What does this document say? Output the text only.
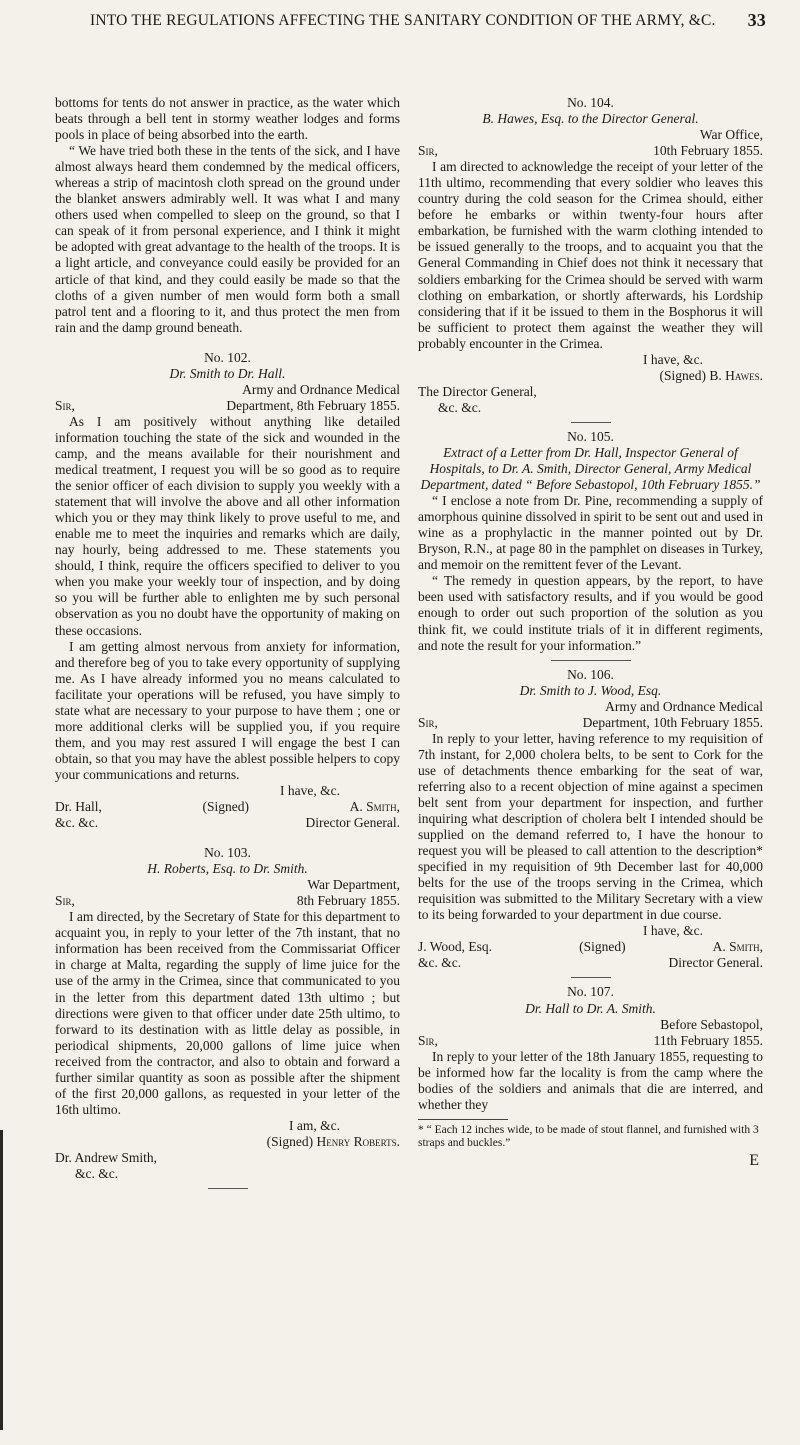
INTO THE REGULATIONS AFFECTING THE SANITARY CONDITION OF THE ARMY, &C. 33

bottoms for tents do not answer in practice, as the water which beats through a bell tent in stormy weather lodges and forms pools in place of being absorbed into the earth.

“ We have tried both these in the tents of the sick, and I have almost always heard them condemned by the medical officers, whereas a strip of macintosh cloth spread on the ground under the blanket answers admirably well. It was what I and many others used when compelled to sleep on the ground, so that I can speak of it from personal experience, and I think it might be adopted with great advantage to the health of the troops. It is a light article, and conveyance could easily be provided for an article of that kind, and they could easily be made so that the cloths of a given number of men would form both a small patrol tent and a flooring to it, and thus protect the men from rain and the damp ground beneath.

No. 102.
Dr. Smith to Dr. Hall.
Army and Ordnance Medical
Sir,	Department, 8th February 1855.

As I am positively without anything like detailed information touching the state of the sick and wounded in the camp, and the means available for their nourishment and medical treatment, I request you will be so good as to require the senior officer of each division to supply you weekly with a statement that will involve the above and all other information which you or they may think likely to prove useful to me, and enable me to meet the inquiries and remarks which are daily, nay hourly, being addressed to me. These statements you should, I think, require the officers specified to deliver to you when you make your weekly tour of inspection, and by doing so you will be further able to enlighten me by such personal observation as you no doubt have the opportunity of making on these occasions.

I am getting almost nervous from anxiety for information, and therefore beg of you to take every opportunity of supplying me. As I have already informed you no means calculated to facilitate your operations will be refused, you have simply to state what are necessary to your purpose to have them ; one or more additional clerks will be supplied you, if you require them, and you may rest assured I will engage the best I can obtain, so that you may have the ablest possible helpers to copy your communications and returns.

I have, &c.
Dr. Hall,	(Signed)	A. Smith,
&c. &c.	Director General.
No. 103.
H. Roberts, Esq. to Dr. Smith.
War Department,
Sir,	8th February 1855.

I am directed, by the Secretary of State for this department to acquaint you, in reply to your letter of the 7th instant, that no information has been received from the Commissariat Officer in charge at Malta, regarding the supply of lime juice for the use of the army in the Crimea, since that communicated to you in the letter from this department dated 13th ultimo ; but directions were given to that officer under date 25th ultimo, to forward to its destination with as little delay as possible, in periodical shipments, 20,000 gallons of lime juice when received from the contractor, and also to obtain and forward a further similar quantity as soon as possible after the shipment of the first 20,000 gallons, as requested in your letter of the 16th ultimo.

I am, &c.
(Signed) Henry Roberts.
Dr. Andrew Smith,
&c. &c.
No. 104.
B. Hawes, Esq. to the Director General.
War Office,
Sir,	10th February 1855.

I am directed to acknowledge the receipt of your letter of the 11th ultimo, recommending that every soldier who leaves this country during the cold season for the Crimea should, either before he embarks or within twenty-four hours after embarkation, be furnished with the warm clothing intended to be issued generally to the troops, and to acquaint you that the General Commanding in Chief does not think it necessary that soldiers embarking for the Crimea should be served with warm clothing on embarkation, or shortly afterwards, his Lordship considering that if it be issued to them in the Bosphorus it will be sufficient to protect them against the weather they will probably encounter in the Crimea.

I have, &c.
(Signed) B. Hawes.
The Director General,
&c. &c.
No. 105.
Extract of a Letter from Dr. Hall, Inspector General of Hospitals, to Dr. A. Smith, Director General, Army Medical Department, dated “ Before Sebastopol, 10th February 1855.”

“ I enclose a note from Dr. Pine, recommending a supply of amorphous quinine dissolved in spirit to be sent out and used in wine as a prophylactic in the manner pointed out by Dr. Bryson, R.N., at page 80 in the pamphlet on diseases in Turkey, and memoir on the remittent fever of the Levant.

“ The remedy in question appears, by the report, to have been used with satisfactory results, and if you would be good enough to order out such proportion of the solution as you think fit, we could institute trials of it in different regiments, and note the result for your information.”

No. 106.
Dr. Smith to J. Wood, Esq.
Army and Ordnance Medical
Sir,	Department, 10th February 1855.

In reply to your letter, having reference to my requisition of 7th instant, for 2,000 cholera belts, to be sent to Cork for the use of detachments thence embarking for the seat of war, referring also to a recent objection of mine against a specimen belt sent from your department for inspection, and further inquiring what description of cholera belt I intended should be supplied on the demand referred to, I have the honour to request you will be pleased to call attention to the description* specified in my requisition of 9th December last for 40,000 belts for the use of the troops serving in the Crimea, which requisition was submitted to the Military Secretary with a view to its being forwarded to your department in due course.

I have, &c.
J. Wood, Esq.	(Signed)	A. Smith,
&c. &c.	Director General.
No. 107.
Dr. Hall to Dr. A. Smith.
Before Sebastopol,
Sir,	11th February 1855.

In reply to your letter of the 18th January 1855, requesting to be informed how far the locality is from the camp where the bodies of the soldiers and animals that die are interred, and whether they

* “ Each 12 inches wide, to be made of stout flannel, and furnished with 3 straps and buckles.”
E
